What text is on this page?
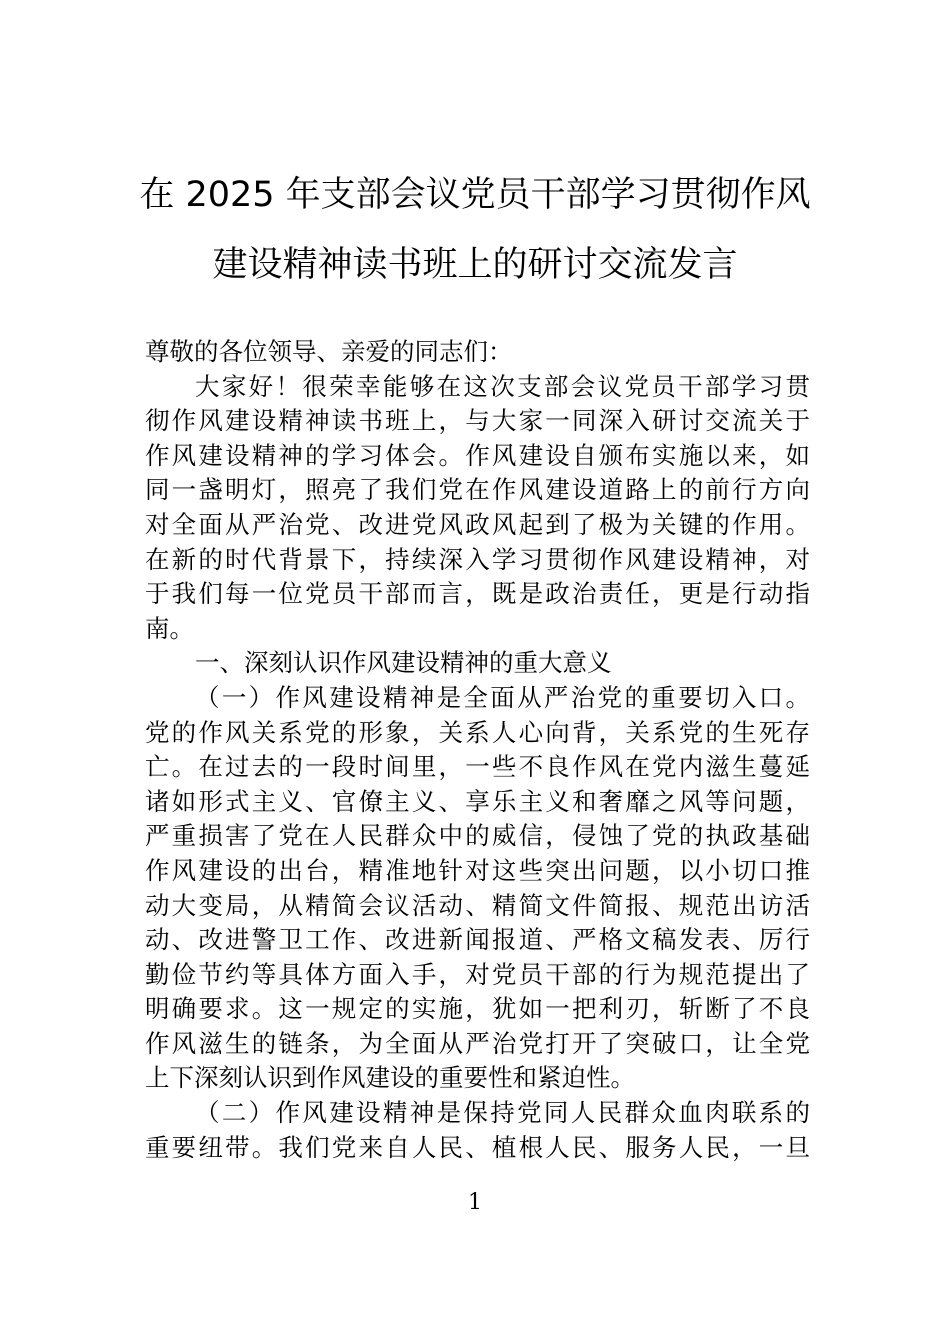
在 2025 年支部会议党员干部学习贯彻作风
建设精神读书班上的研讨交流发言
尊敬的各位领导、亲爱的同志们：
大家好！很荣幸能够在这次支部会议党员干部学习贯
彻作风建设精神读书班上，与大家一同深入研讨交流关于
作风建设精神的学习体会。作风建设自颁布实施以来，如
同一盏明灯，照亮了我们党在作风建设道路上的前行方向
对全面从严治党、改进党风政风起到了极为关键的作用。
在新的时代背景下，持续深入学习贯彻作风建设精神，对
于我们每一位党员干部而言，既是政治责任，更是行动指
南。
一、深刻认识作风建设精神的重大意义
（一）作风建设精神是全面从严治党的重要切入口。
党的作风关系党的形象，关系人心向背，关系党的生死存
亡。在过去的一段时间里，一些不良作风在党内滋生蔓延
诸如形式主义、官僚主义、享乐主义和奢靡之风等问题，
严重损害了党在人民群众中的威信，侵蚀了党的执政基础
作风建设的出台，精准地针对这些突出问题，以小切口推
动大变局，从精简会议活动、精简文件简报、规范出访活
动、改进警卫工作、改进新闻报道、严格文稿发表、厉行
勤俭节约等具体方面入手，对党员干部的行为规范提出了
明确要求。这一规定的实施，犹如一把利刃，斩断了不良
作风滋生的链条，为全面从严治党打开了突破口，让全党
上下深刻认识到作风建设的重要性和紧迫性。
（二）作风建设精神是保持党同人民群众血肉联系的
重要纽带。我们党来自人民、植根人民、服务人民，一旦
1
